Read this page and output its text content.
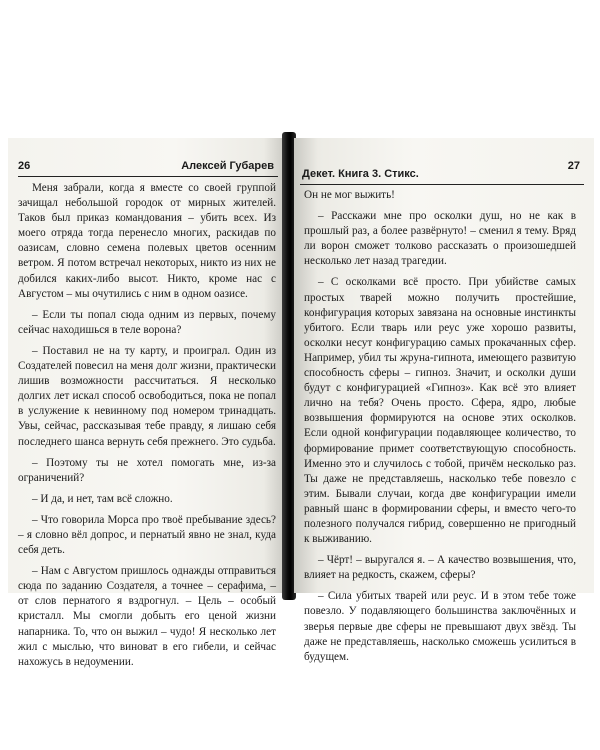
26	Алексей Губарев

Меня забрали, когда я вместе со своей группой зачищал небольшой городок от мирных жителей. Таков был приказ командования – убить всех. Из моего отряда тогда перенесло многих, раскидав по оазисам, словно семена полевых цветов осенним ветром. Я потом встречал некоторых, никто из них не добился каких-либо высот. Никто, кроме нас с Августом – мы очутились с ним в одном оазисе.

– Если ты попал сюда одним из первых, почему сейчас находишься в теле ворона?

– Поставил не на ту карту, и проиграл. Один из Создателей повесил на меня долг жизни, практически лишив возможности рассчитаться. Я несколько долгих лет искал способ освободиться, пока не попал в услужение к невинному под номером тринадцать. Увы, сейчас, рассказывая тебе правду, я лишаю себя последнего шанса вернуть себя прежнего. Это судьба.

– Поэтому ты не хотел помогать мне, из-за ограничений?

– И да, и нет, там всё сложно.

– Что говорила Морса про твоё пребывание здесь? – я словно вёл допрос, и пернатый явно не знал, куда себя деть.

– Нам с Августом пришлось однажды отправиться сюда по заданию Создателя, а точнее – серафима, – от слов пернатого я вздрогнул. – Цель – особый кристалл. Мы смогли добыть его ценой жизни напарника. То, что он выжил – чудо! Я несколько лет жил с мыслью, что виноват в его гибели, и сейчас нахожусь в недоумении.

Декет. Книга 3. Стикс.
27

Он не мог выжить!

– Расскажи мне про осколки душ, но не как в прошлый раз, а более развёрнуто! – сменил я тему. Вряд ли ворон сможет толково рассказать о произошедшей несколько лет назад трагедии.

– С осколками всё просто. При убийстве самых простых тварей можно получить простейшие, конфигурация которых завязана на основные инстинкты убитого. Если тварь или реус уже хорошо развиты, осколки несут конфигурацию самых прокачанных сфер. Например, убил ты жруна-гипнота, имеющего развитую способность сферы – гипноз. Значит, и осколки души будут с конфигурацией «Гипноз». Как всё это влияет лично на тебя? Очень просто. Сфера, ядро, любые возвышения формируются на основе этих осколков. Если одной конфигурации подавляющее количество, то формирование примет соответствующую способность. Именно это и случилось с тобой, причём несколько раз. Ты даже не представляешь, насколько тебе повезло с этим. Бывали случаи, когда две конфигурации имели равный шанс в формировании сферы, и вместо чего-то полезного получался гибрид, совершенно не пригодный к выживанию.

– Чёрт! – выругался я. – А качество возвышения, что, влияет на редкость, скажем, сферы?

– Сила убитых тварей или реус. И в этом тебе тоже повезло. У подавляющего большинства заключённых и зверья первые две сферы не превышают двух звёзд. Ты даже не представляешь, насколько сможешь усилиться в будущем.
